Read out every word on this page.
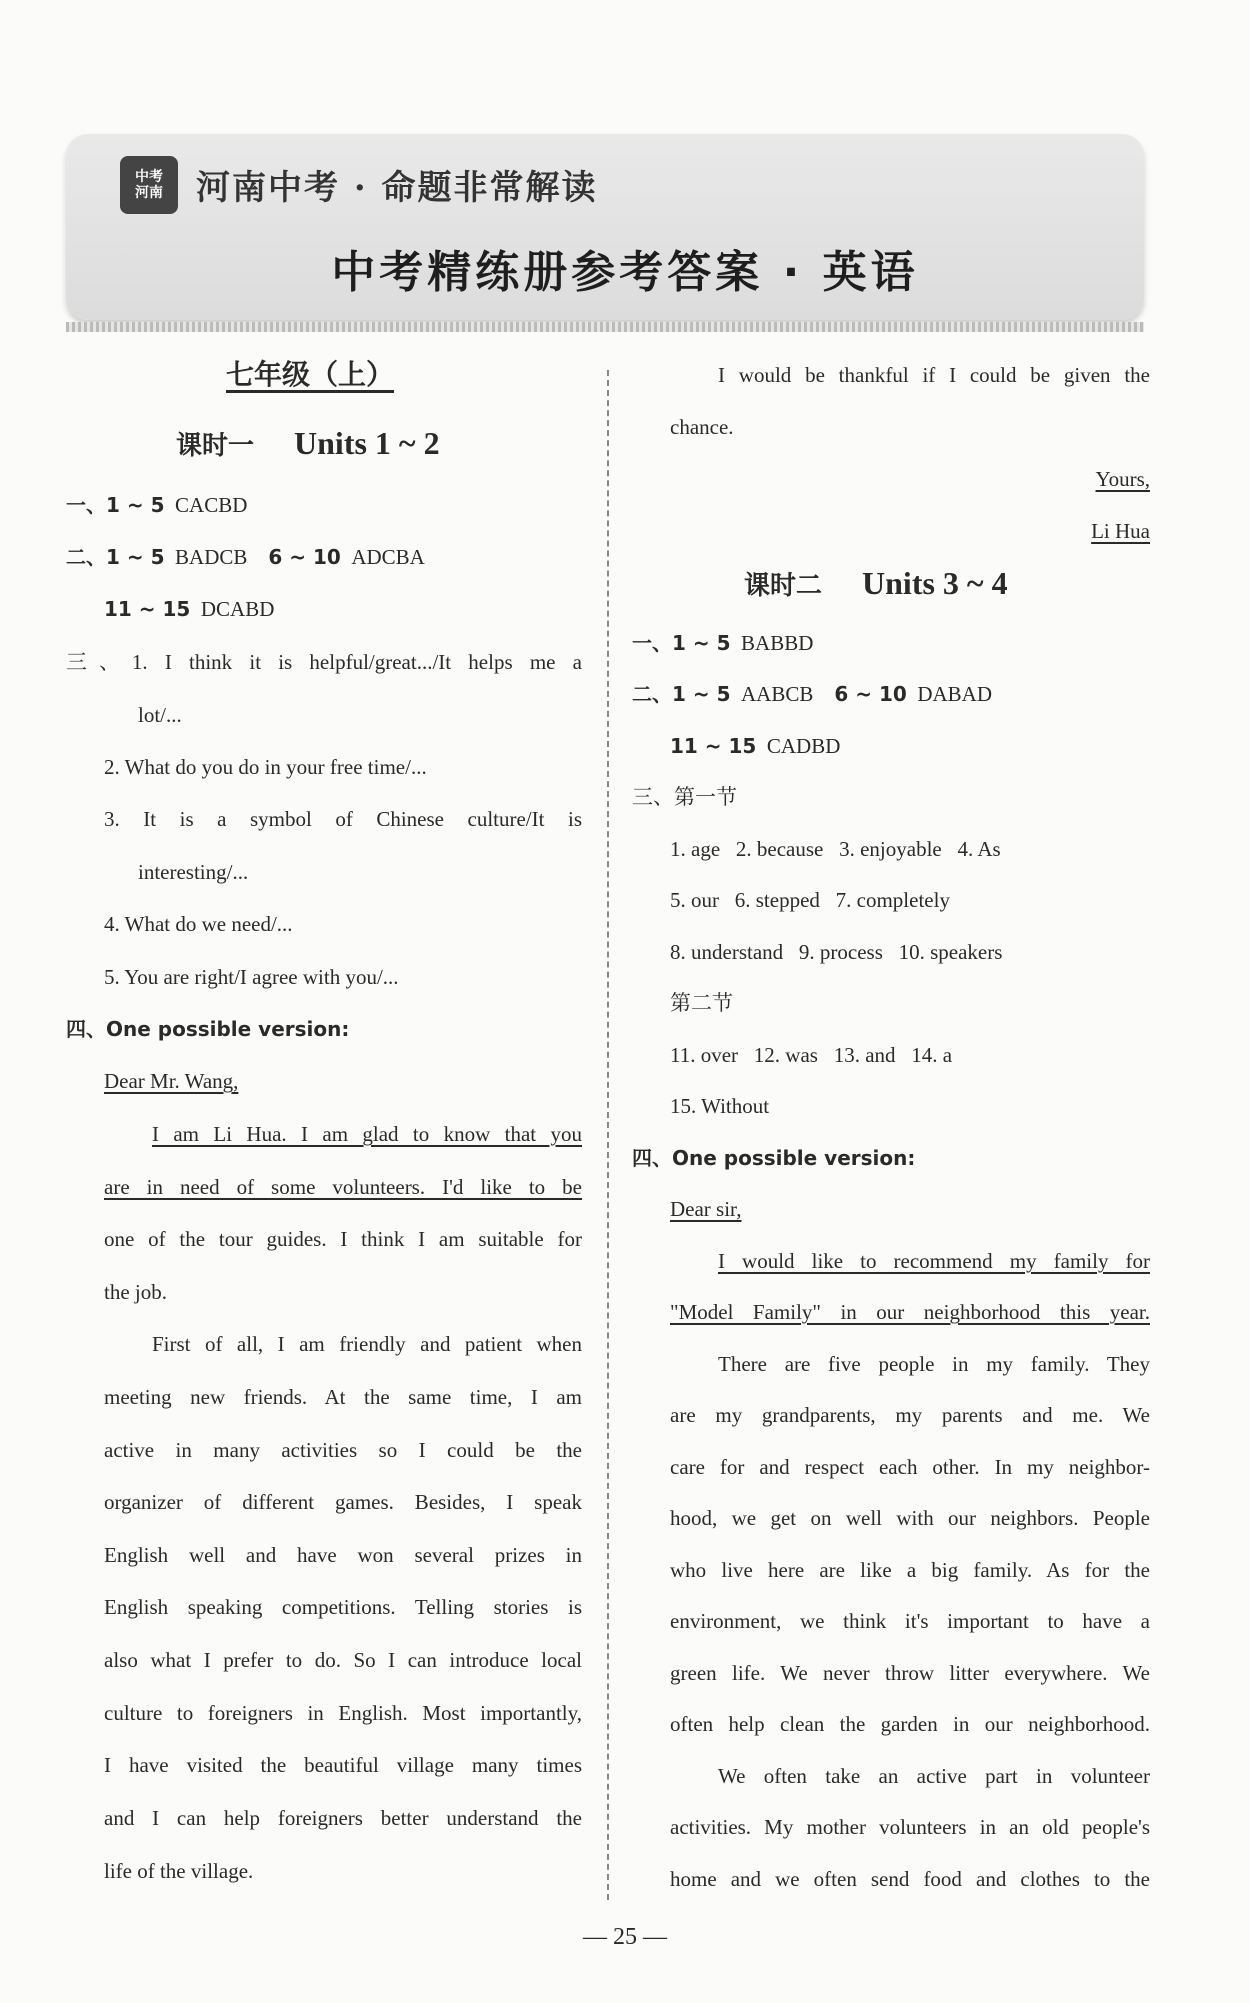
中考
河南 河南中考 · 命题非常解读
中考精练册参考答案 · 英语
七年级（上）
课时一 Units 1 ~ 2
一、1 ~ 5 CACBD
二、1 ~ 5 BADCB 6 ~ 10 ADCBA
11 ~ 15 DCABD
三、1. I think it is helpful/great.../It helps me a
lot/...
2. What do you do in your free time/...
3. It is a symbol of Chinese culture/It is
interesting/...
4. What do we need/...
5. You are right/I agree with you/...
四、One possible version:
Dear Mr. Wang,
I am Li Hua. I am glad to know that you
are in need of some volunteers. I'd like to be
one of the tour guides. I think I am suitable for
the job.
First of all, I am friendly and patient when
meeting new friends. At the same time, I am
active in many activities so I could be the
organizer of different games. Besides, I speak
English well and have won several prizes in
English speaking competitions. Telling stories is
also what I prefer to do. So I can introduce local
culture to foreigners in English. Most importantly,
I have visited the beautiful village many times
and I can help foreigners better understand the
life of the village.
I would be thankful if I could be given the
chance.
Yours,
Li Hua
课时二 Units 3 ~ 4
一、1 ~ 5 BABBD
二、1 ~ 5 AABCB 6 ~ 10 DABAD
11 ~ 15 CADBD
三、第一节
1. age   2. because   3. enjoyable   4. As
5. our   6. stepped   7. completely
8. understand   9. process   10. speakers
第二节
11. over   12. was   13. and   14. a
15. Without
四、One possible version:
Dear sir,
I would like to recommend my family for
"Model Family" in our neighborhood this year.
There are five people in my family. They
are my grandparents, my parents and me. We
care for and respect each other. In my neighbor-
hood, we get on well with our neighbors. People
who live here are like a big family. As for the
environment, we think it's important to have a
green life. We never throw litter everywhere. We
often help clean the garden in our neighborhood.
We often take an active part in volunteer
activities. My mother volunteers in an old people's
home and we often send food and clothes to the
— 25 —
